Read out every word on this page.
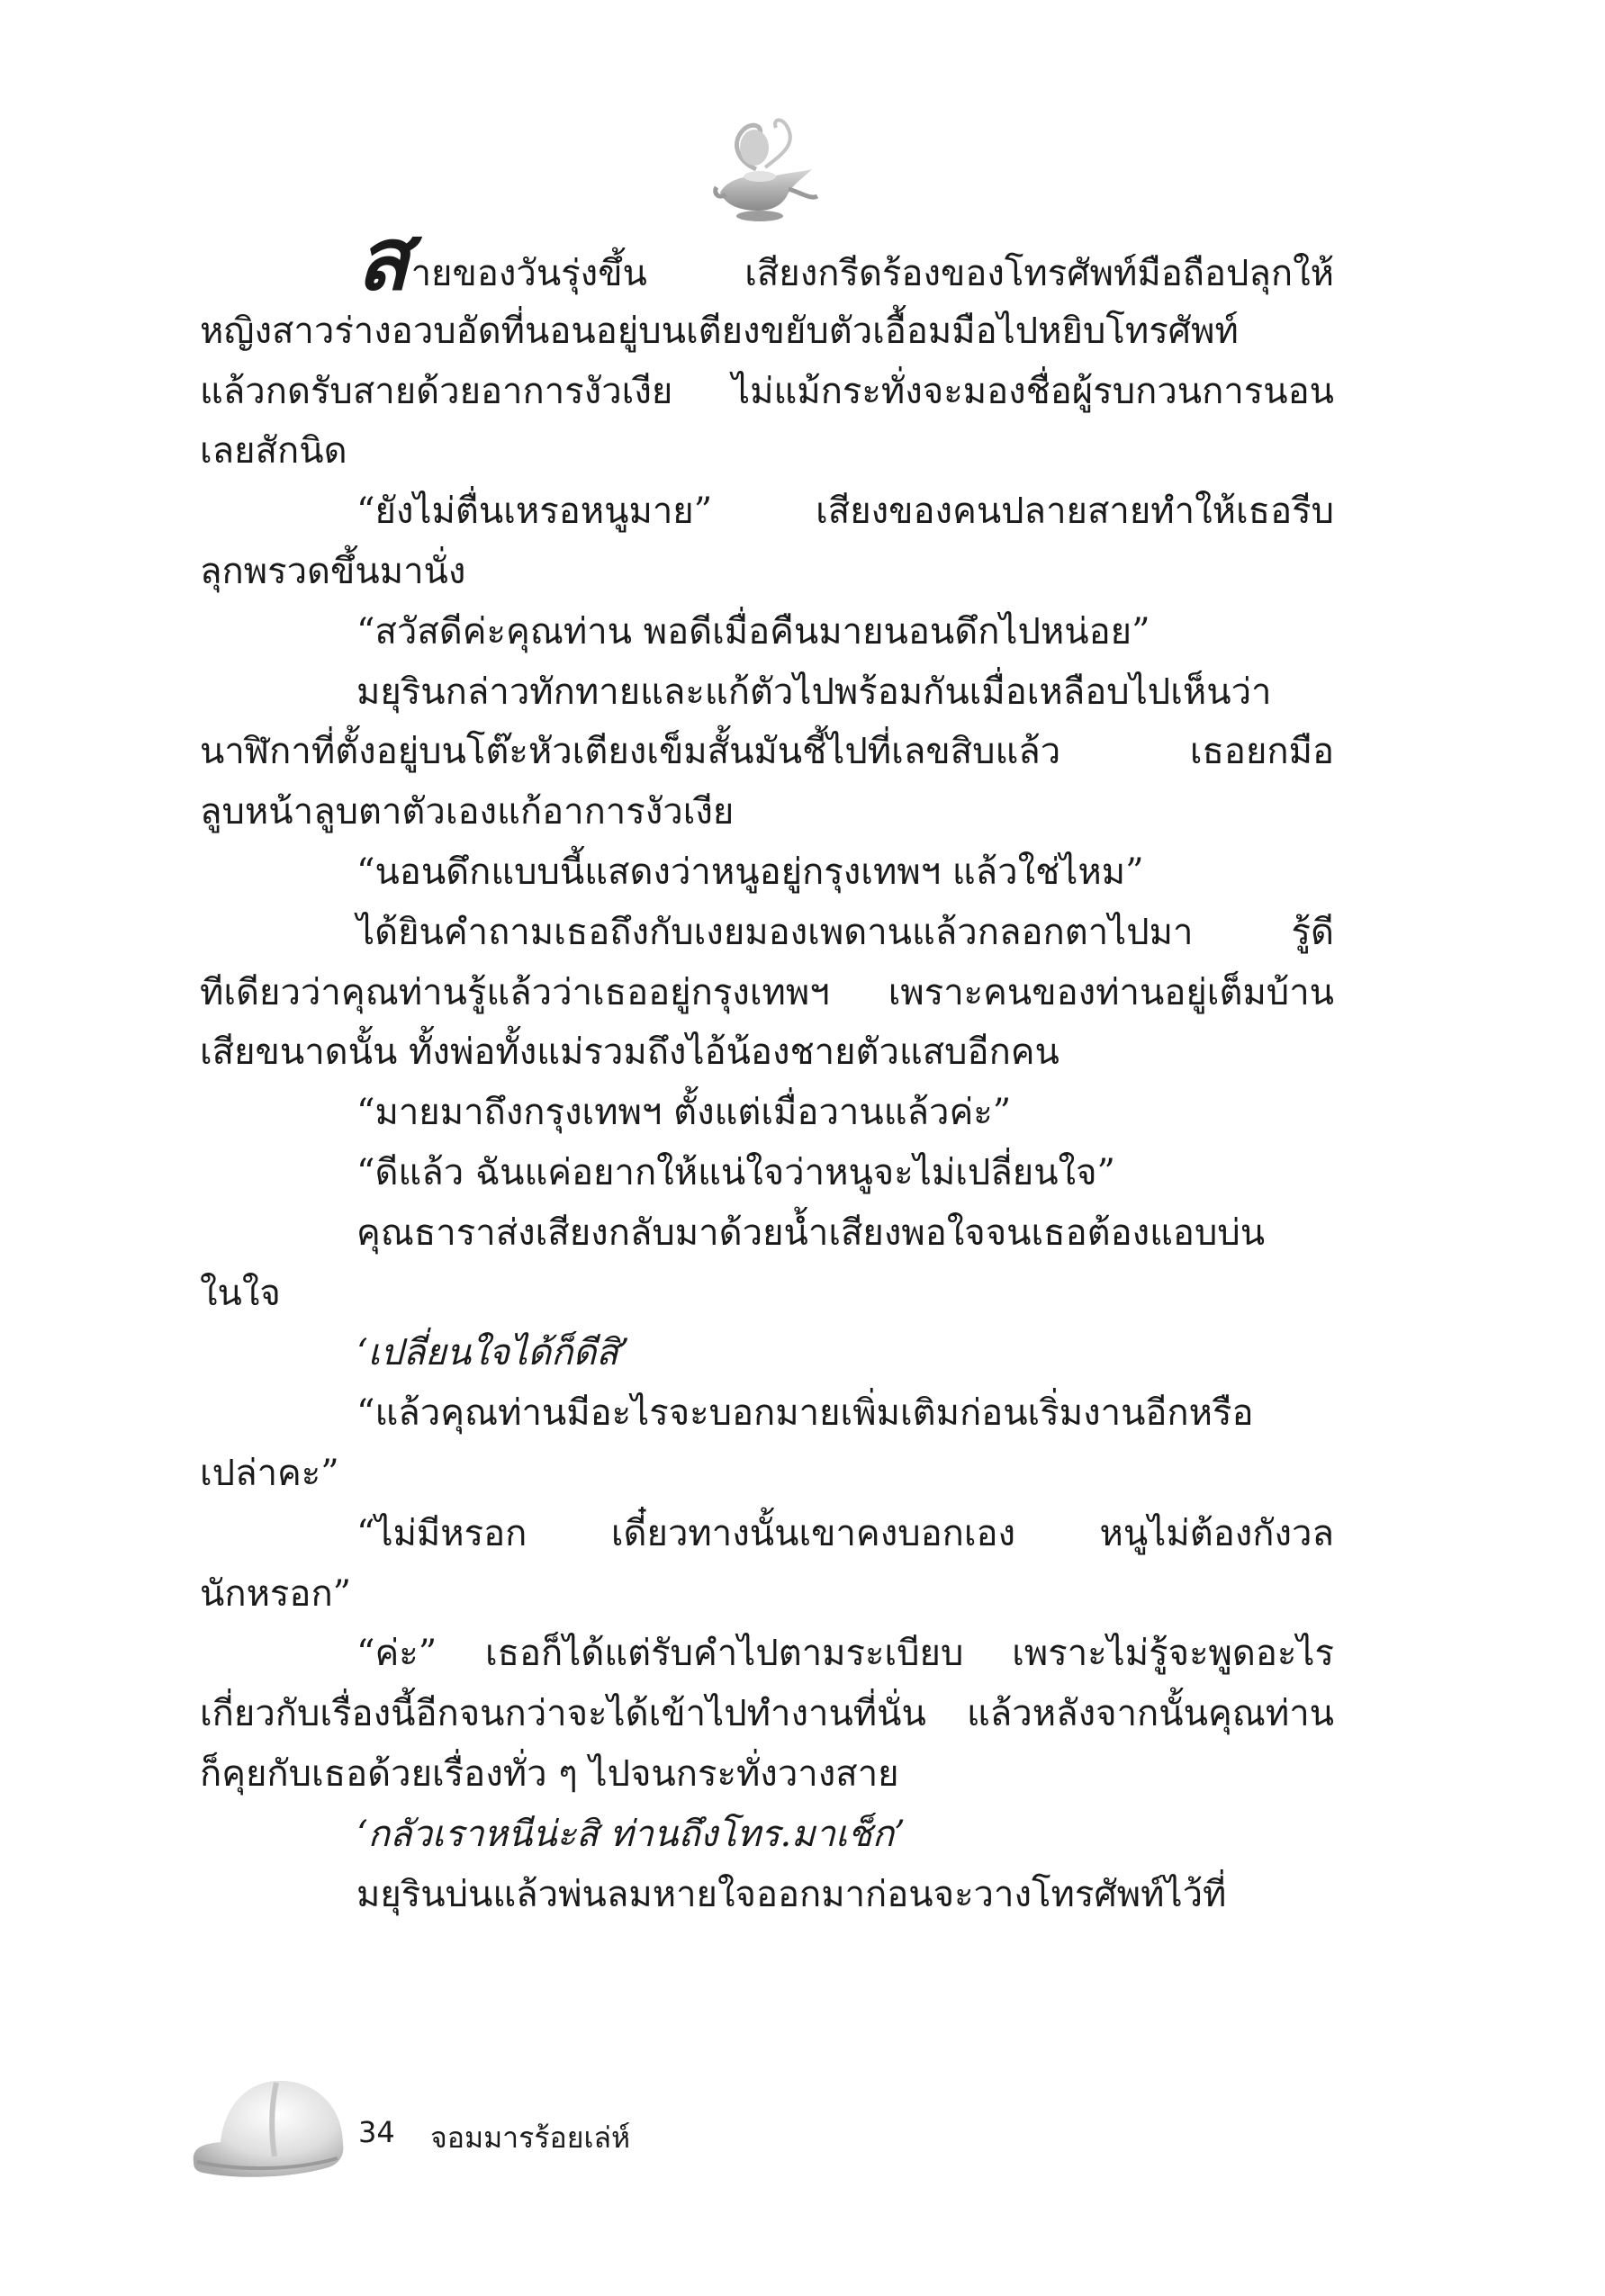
สายของวันรุ่งขึ้น เสียงกรีดร้องของโทรศัพท์มือถือปลุกให้
หญิงสาวร่างอวบอัดที่นอนอยู่บนเตียงขยับตัวเอื้อมมือไปหยิบโทรศัพท์
แล้วกดรับสายด้วยอาการงัวเงีย ไม่แม้กระทั่งจะมองชื่อผู้รบกวนการนอน
เลยสักนิด
“ยังไม่ตื่นเหรอหนูมาย” เสียงของคนปลายสายทำให้เธอรีบ
ลุกพรวดขึ้นมานั่ง
“สวัสดีค่ะคุณท่าน พอดีเมื่อคืนมายนอนดึกไปหน่อย”
มยุรินกล่าวทักทายและแก้ตัวไปพร้อมกันเมื่อเหลือบไปเห็นว่า
นาฬิกาที่ตั้งอยู่บนโต๊ะหัวเตียงเข็มสั้นมันชี้ไปที่เลขสิบแล้ว เธอยกมือ
ลูบหน้าลูบตาตัวเองแก้อาการงัวเงีย
“นอนดึกแบบนี้แสดงว่าหนูอยู่กรุงเทพฯ แล้วใช่ไหม”
ได้ยินคำถามเธอถึงกับเงยมองเพดานแล้วกลอกตาไปมา รู้ดี
ทีเดียวว่าคุณท่านรู้แล้วว่าเธออยู่กรุงเทพฯ เพราะคนของท่านอยู่เต็มบ้าน
เสียขนาดนั้น ทั้งพ่อทั้งแม่รวมถึงไอ้น้องชายตัวแสบอีกคน
“มายมาถึงกรุงเทพฯ ตั้งแต่เมื่อวานแล้วค่ะ”
“ดีแล้ว ฉันแค่อยากให้แน่ใจว่าหนูจะไม่เปลี่ยนใจ”
คุณธาราส่งเสียงกลับมาด้วยน้ำเสียงพอใจจนเธอต้องแอบบ่น
ในใจ
‘เปลี่ยนใจได้ก็ดีสิ’
“แล้วคุณท่านมีอะไรจะบอกมายเพิ่มเติมก่อนเริ่มงานอีกหรือ
เปล่าคะ”
“ไม่มีหรอก เดี๋ยวทางนั้นเขาคงบอกเอง หนูไม่ต้องกังวล
นักหรอก”
“ค่ะ” เธอก็ได้แต่รับคำไปตามระเบียบ เพราะไม่รู้จะพูดอะไร
เกี่ยวกับเรื่องนี้อีกจนกว่าจะได้เข้าไปทำงานที่นั่น แล้วหลังจากนั้นคุณท่าน
ก็คุยกับเธอด้วยเรื่องทั่ว ๆ ไปจนกระทั่งวางสาย
‘กลัวเราหนีน่ะสิ ท่านถึงโทร.มาเช็ก’
มยุรินบ่นแล้วพ่นลมหายใจออกมาก่อนจะวางโทรศัพท์ไว้ที่
34 จอมมารร้อยเล่ห์
